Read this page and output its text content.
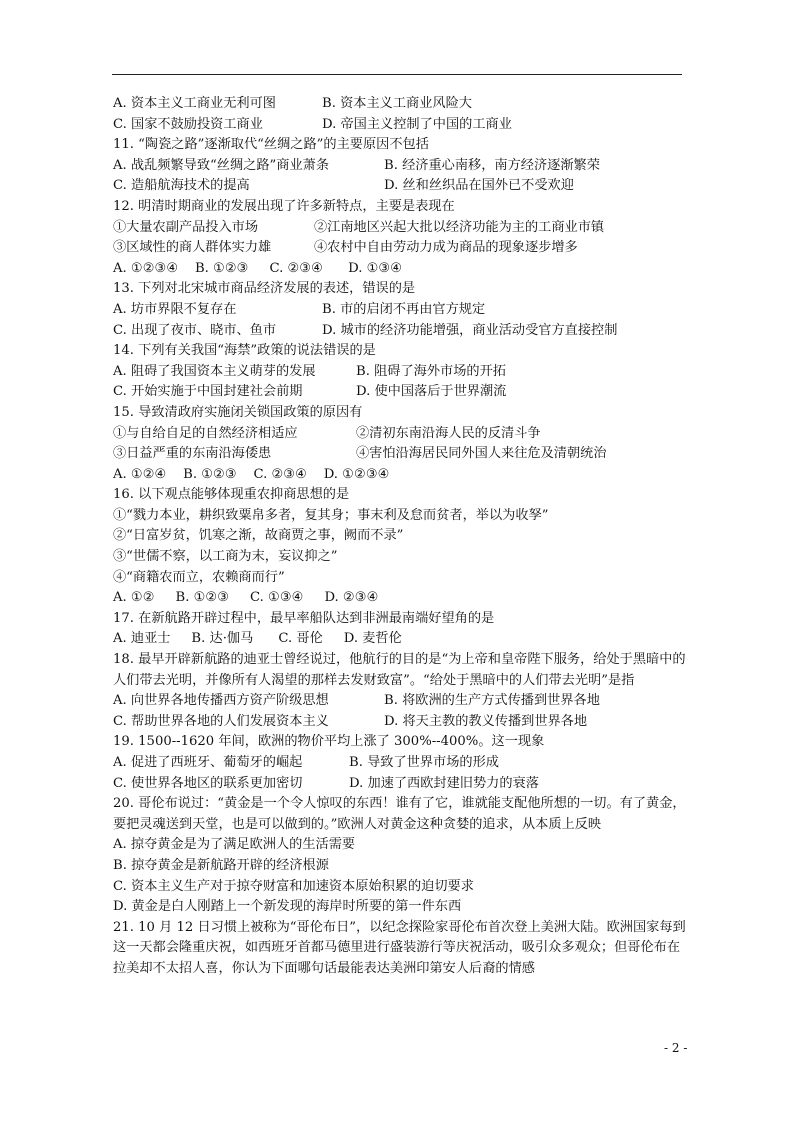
A. 资本主义工商业无利可图	B. 资本主义工商业风险大
C. 国家不鼓励投资工商业	D. 帝国主义控制了中国的工商业
11. “陶瓷之路”逐渐取代“丝绸之路”的主要原因不包括
A. 战乱频繁导致“丝绸之路”商业萧条	B. 经济重心南移，南方经济逐渐繁荣
C. 造船航海技术的提高	D. 丝和丝织品在国外已不受欢迎
12. 明清时期商业的发展出现了许多新特点，主要是表现在
①大量农副产品投入市场	②江南地区兴起大批以经济功能为主的工商业市镇
③区域性的商人群体实力雄	④农村中自由劳动力成为商品的现象逐步增多
A. ①②③④    B. ①②③     C. ②③④      D. ①③④
13. 下列对北宋城市商品经济发展的表述，错误的是
A. 坊市界限不复存在	B. 市的启闭不再由官方规定
C. 出现了夜市、晓市、鱼市	D. 城市的经济功能增强，商业活动受官方直接控制
14. 下列有关我国“海禁”政策的说法错误的是
A. 阻碍了我国资本主义萌芽的发展	B. 阻碍了海外市场的开拓
C. 开始实施于中国封建社会前期	D. 使中国落后于世界潮流
15. 导致清政府实施闭关锁国政策的原因有
①与自给自足的自然经济相适应	②清初东南沿海人民的反清斗争
③日益严重的东南沿海倭患	④害怕沿海居民同外国人来往危及清朝统治
A. ①②④    B. ①②③    C. ②③④    D. ①②③④
16. 以下观点能够体现重农抑商思想的是
①“戮力本业，耕织致粟帛多者，复其身；事末利及怠而贫者，举以为收孥”
②“日富岁贫，饥寒之渐，故商贾之事，阙而不录”
③“世儒不察，以工商为末，妄议抑之”
④“商籍农而立，农赖商而行”
A. ①②     B. ①②③     C. ①③④     D. ②③④
17. 在新航路开辟过程中，最早率船队达到非洲最南端好望角的是
A. 迪亚士     B. 达·伽马      C. 哥伦     D. 麦哲伦
18. 最早开辟新航路的迪亚士曾经说过，他航行的目的是“为上帝和皇帝陛下服务，给处于黑暗中的人们带去光明，并像所有人渴望的那样去发财致富”。“给处于黑暗中的人们带去光明”是指
A. 向世界各地传播西方资产阶级思想	B. 将欧洲的生产方式传播到世界各地
C. 帮助世界各地的人们发展资本主义	D. 将天主教的教义传播到世界各地
19. 1500--1620 年间，欧洲的物价平均上涨了 300%--400%。这一现象
A. 促进了西班牙、葡萄牙的崛起	B. 导致了世界市场的形成
C. 使世界各地区的联系更加密切	D. 加速了西欧封建旧势力的衰落
20. 哥伦布说过：“黄金是一个令人惊叹的东西！谁有了它，谁就能支配他所想的一切。有了黄金，要把灵魂送到天堂，也是可以做到的。”欧洲人对黄金这种贪婪的追求，从本质上反映
A. 掠夺黄金是为了满足欧洲人的生活需要
B. 掠夺黄金是新航路开辟的经济根源
C. 资本主义生产对于掠夺财富和加速资本原始积累的迫切要求
D. 黄金是白人刚踏上一个新发现的海岸时所要的第一件东西
21. 10 月 12 日习惯上被称为“哥伦布日”，以纪念探险家哥伦布首次登上美洲大陆。欧洲国家每到这一天都会隆重庆祝，如西班牙首都马德里进行盛装游行等庆祝活动，吸引众多观众；但哥伦布在拉美却不太招人喜，你认为下面哪句话最能表达美洲印第安人后裔的情感
- 2 -
